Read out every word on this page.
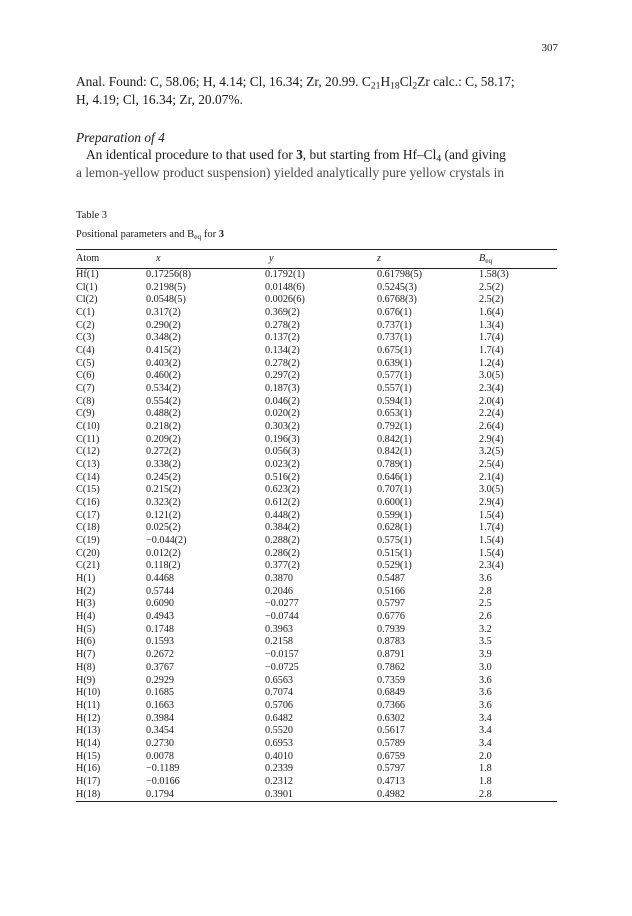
307
Anal. Found: C, 58.06; H, 4.14; Cl, 16.34; Zr, 20.99. $C_{21}H_{18}Cl_2Zr$ calc.: C, 58.17;
H, 4.19; Cl, 16.34; Zr, 20.07%.
Preparation of 4
An identical procedure to that used for 3, but starting from $Hf-Cl_4$ (and giving
a lemon-yellow product suspension) yielded analytically pure yellow crystals in
Table 3
Positional parameters and $B_{eq}$ for 3
Atom	x	y	z	$B_{eq}$
Hf(1)	0.17256(8)	0.1792(1)	0.61798(5)	1.58(3)
Cl(1)	0.2198(5)	0.0148(6)	0.5245(3)	2.5(2)
Cl(2)	0.0548(5)	0.0026(6)	0.6768(3)	2.5(2)
C(1)	0.317(2)	0.369(2)	0.676(1)	1.6(4)
C(2)	0.290(2)	0.278(2)	0.737(1)	1.3(4)
C(3)	0.348(2)	0.137(2)	0.737(1)	1.7(4)
C(4)	0.415(2)	0.134(2)	0.675(1)	1.7(4)
C(5)	0.403(2)	0.278(2)	0.639(1)	1.2(4)
C(6)	0.460(2)	0.297(2)	0.577(1)	3.0(5)
C(7)	0.534(2)	0.187(3)	0.557(1)	2.3(4)
C(8)	0.554(2)	0.046(2)	0.594(1)	2.0(4)
C(9)	0.488(2)	0.020(2)	0.653(1)	2.2(4)
C(10)	0.218(2)	0.303(2)	0.792(1)	2.6(4)
C(11)	0.209(2)	0.196(3)	0.842(1)	2.9(4)
C(12)	0.272(2)	0.056(3)	0.842(1)	3.2(5)
C(13)	0.338(2)	0.023(2)	0.789(1)	2.5(4)
C(14)	0.245(2)	0.516(2)	0.646(1)	2.1(4)
C(15)	0.215(2)	0.623(2)	0.707(1)	3.0(5)
C(16)	0.323(2)	0.612(2)	0.600(1)	2.9(4)
C(17)	0.121(2)	0.448(2)	0.599(1)	1.5(4)
C(18)	0.025(2)	0.384(2)	0.628(1)	1.7(4)
C(19)	−0.044(2)	0.288(2)	0.575(1)	1.5(4)
C(20)	0.012(2)	0.286(2)	0.515(1)	1.5(4)
C(21)	0.118(2)	0.377(2)	0.529(1)	2.3(4)
H(1)	0.4468	0.3870	0.5487	3.6
H(2)	0.5744	0.2046	0.5166	2.8
H(3)	0.6090	−0.0277	0.5797	2.5
H(4)	0.4943	−0.0744	0.6776	2.6
H(5)	0.1748	0.3963	0.7939	3.2
H(6)	0.1593	0.2158	0.8783	3.5
H(7)	0.2672	−0.0157	0.8791	3.9
H(8)	0.3767	−0.0725	0.7862	3.0
H(9)	0.2929	0.6563	0.7359	3.6
H(10)	0.1685	0.7074	0.6849	3.6
H(11)	0.1663	0.5706	0.7366	3.6
H(12)	0.3984	0.6482	0.6302	3.4
H(13)	0.3454	0.5520	0.5617	3.4
H(14)	0.2730	0.6953	0.5789	3.4
H(15)	0.0078	0.4010	0.6759	2.0
H(16)	−0.1189	0.2339	0.5797	1.8
H(17)	−0.0166	0.2312	0.4713	1.8
H(18)	0.1794	0.3901	0.4982	2.8
